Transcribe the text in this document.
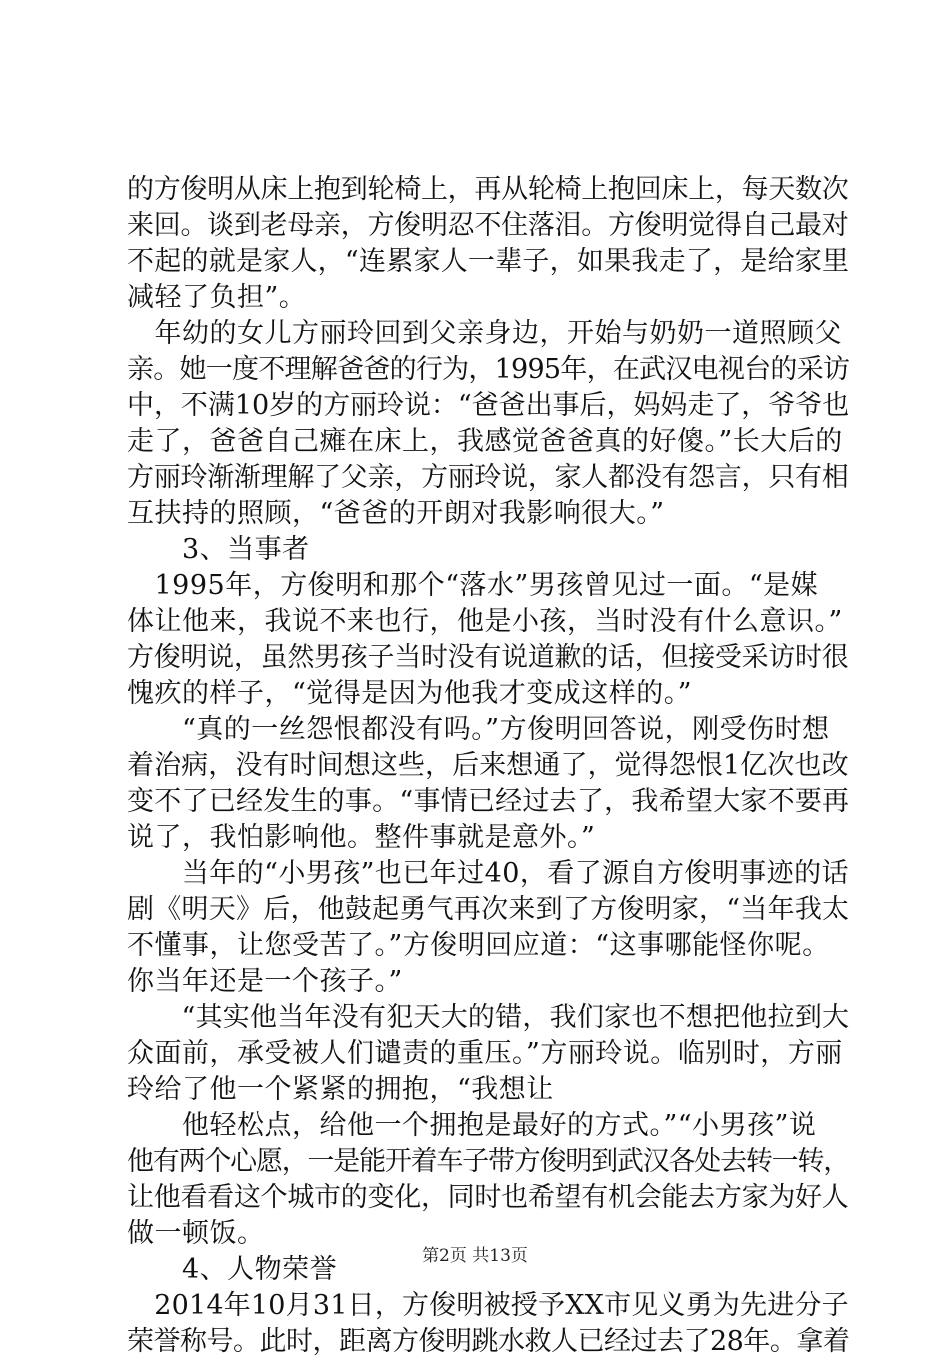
的方俊明从床上抱到轮椅上，再从轮椅上抱回床上，每天数次
来回。谈到老母亲，方俊明忍不住落泪。方俊明觉得自己最对
不起的就是家人，“连累家人一辈子，如果我走了，是给家里
减轻了负担”。
　年幼的女儿方丽玲回到父亲身边，开始与奶奶一道照顾父
亲。她一度不理解爸爸的行为，1995年，在武汉电视台的采访
中，不满10岁的方丽玲说：“爸爸出事后，妈妈走了，爷爷也
走了，爸爸自己瘫在床上，我感觉爸爸真的好傻。”长大后的
方丽玲渐渐理解了父亲，方丽玲说，家人都没有怨言，只有相
互扶持的照顾，“爸爸的开朗对我影响很大。”
　　3、当事者
　1995年，方俊明和那个“落水”男孩曾见过一面。“是媒
体让他来，我说不来也行，他是小孩，当时没有什么意识。”
方俊明说，虽然男孩子当时没有说道歉的话，但接受采访时很
愧疚的样子，“觉得是因为他我才变成这样的。”
　　“真的一丝怨恨都没有吗。”方俊明回答说，刚受伤时想
着治病，没有时间想这些，后来想通了，觉得怨恨1亿次也改
变不了已经发生的事。“事情已经过去了，我希望大家不要再
说了，我怕影响他。整件事就是意外。”
　　当年的“小男孩”也已年过40，看了源自方俊明事迹的话
剧《明天》后，他鼓起勇气再次来到了方俊明家，“当年我太
不懂事，让您受苦了。”方俊明回应道：“这事哪能怪你呢。
你当年还是一个孩子。”
　　“其实他当年没有犯天大的错，我们家也不想把他拉到大
众面前，承受被人们谴责的重压。”方丽玲说。临别时，方丽
玲给了他一个紧紧的拥抱，“我想让
　　他轻松点，给他一个拥抱是最好的方式。”“小男孩”说
他有两个心愿，一是能开着车子带方俊明到武汉各处去转一转，
让他看看这个城市的变化，同时也希望有机会能去方家为好人
做一顿饭。
　　4、人物荣誉
　2014年10月31日，方俊明被授予XX市见义勇为先进分子
荣誉称号。此时，距离方俊明跳水救人已经过去了28年。拿着
第2页 共13页
